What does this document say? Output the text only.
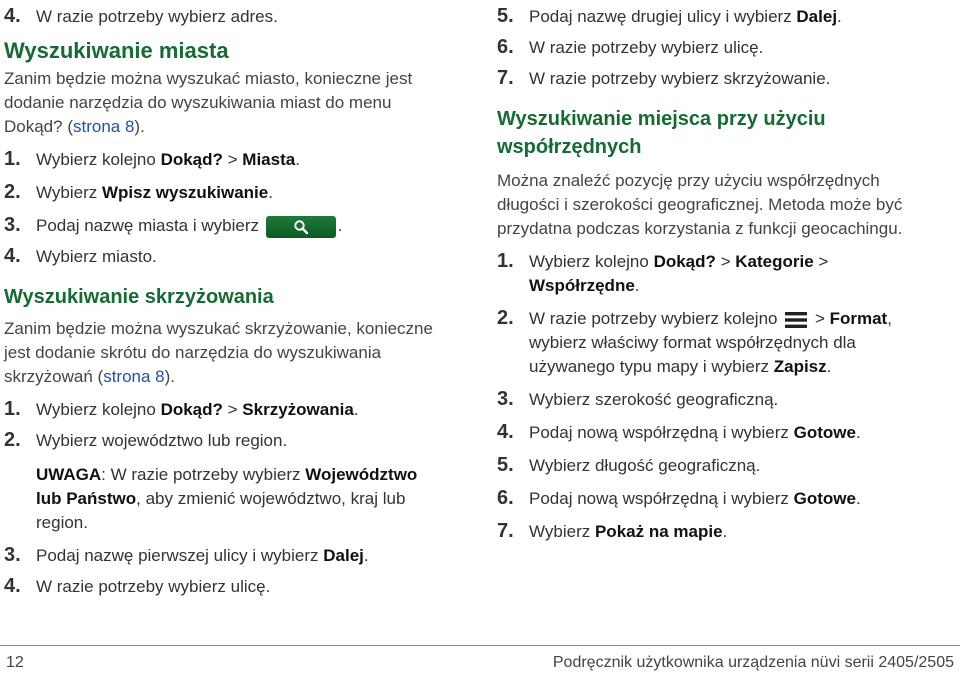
4. W razie potrzeby wybierz adres.
Wyszukiwanie miasta

Zanim będzie można wyszukać miasto, konieczne jest

dodanie narzędzia do wyszukiwania miast do menu

Dokąd? (strona 8).

1. Wybierz kolejno Dokąd? > Miasta.
2. Wybierz Wpisz wyszukiwanie.
3. Podaj nazwę miasta i wybierz	.
4. Wybierz miasto.
Wyszukiwanie skrzyżowania

Zanim będzie można wyszukać skrzyżowanie, konieczne

jest dodanie skrótu do narzędzia do wyszukiwania

skrzyżowań (strona 8).

1. Wybierz kolejno Dokąd? > Skrzyżowania.
2. Wybierz województwo lub region.

UWAGA: W razie potrzeby wybierz Województwo

lub Państwo, aby zmienić województwo, kraj lub

region.

3. Podaj nazwę pierwszej ulicy i wybierz Dalej.
4. W razie potrzeby wybierz ulicę.
5. Podaj nazwę drugiej ulicy i wybierz Dalej.
6. W razie potrzeby wybierz ulicę.
7. W razie potrzeby wybierz skrzyżowanie.
Wyszukiwanie miejsca przy użyciu
współrzędnych

Można znaleźć pozycję przy użyciu współrzędnych

długości i szerokości geograficznej. Metoda może być

przydatna podczas korzystania z funkcji geocachingu.

1. Wybierz kolejno Dokąd? > Kategorie >
Współrzędne.
2. W razie potrzeby wybierz kolejno  > Format,
wybierz właściwy format współrzędnych dla
używanego typu mapy i wybierz Zapisz.
3. Wybierz szerokość geograficzną.
4. Podaj nową współrzędną i wybierz Gotowe.
5. Wybierz długość geograficzną.
6. Podaj nową współrzędną i wybierz Gotowe.
7. Wybierz Pokaż na mapie.
12	Podręcznik użytkownika urządzenia nüvi serii 2405/2505
